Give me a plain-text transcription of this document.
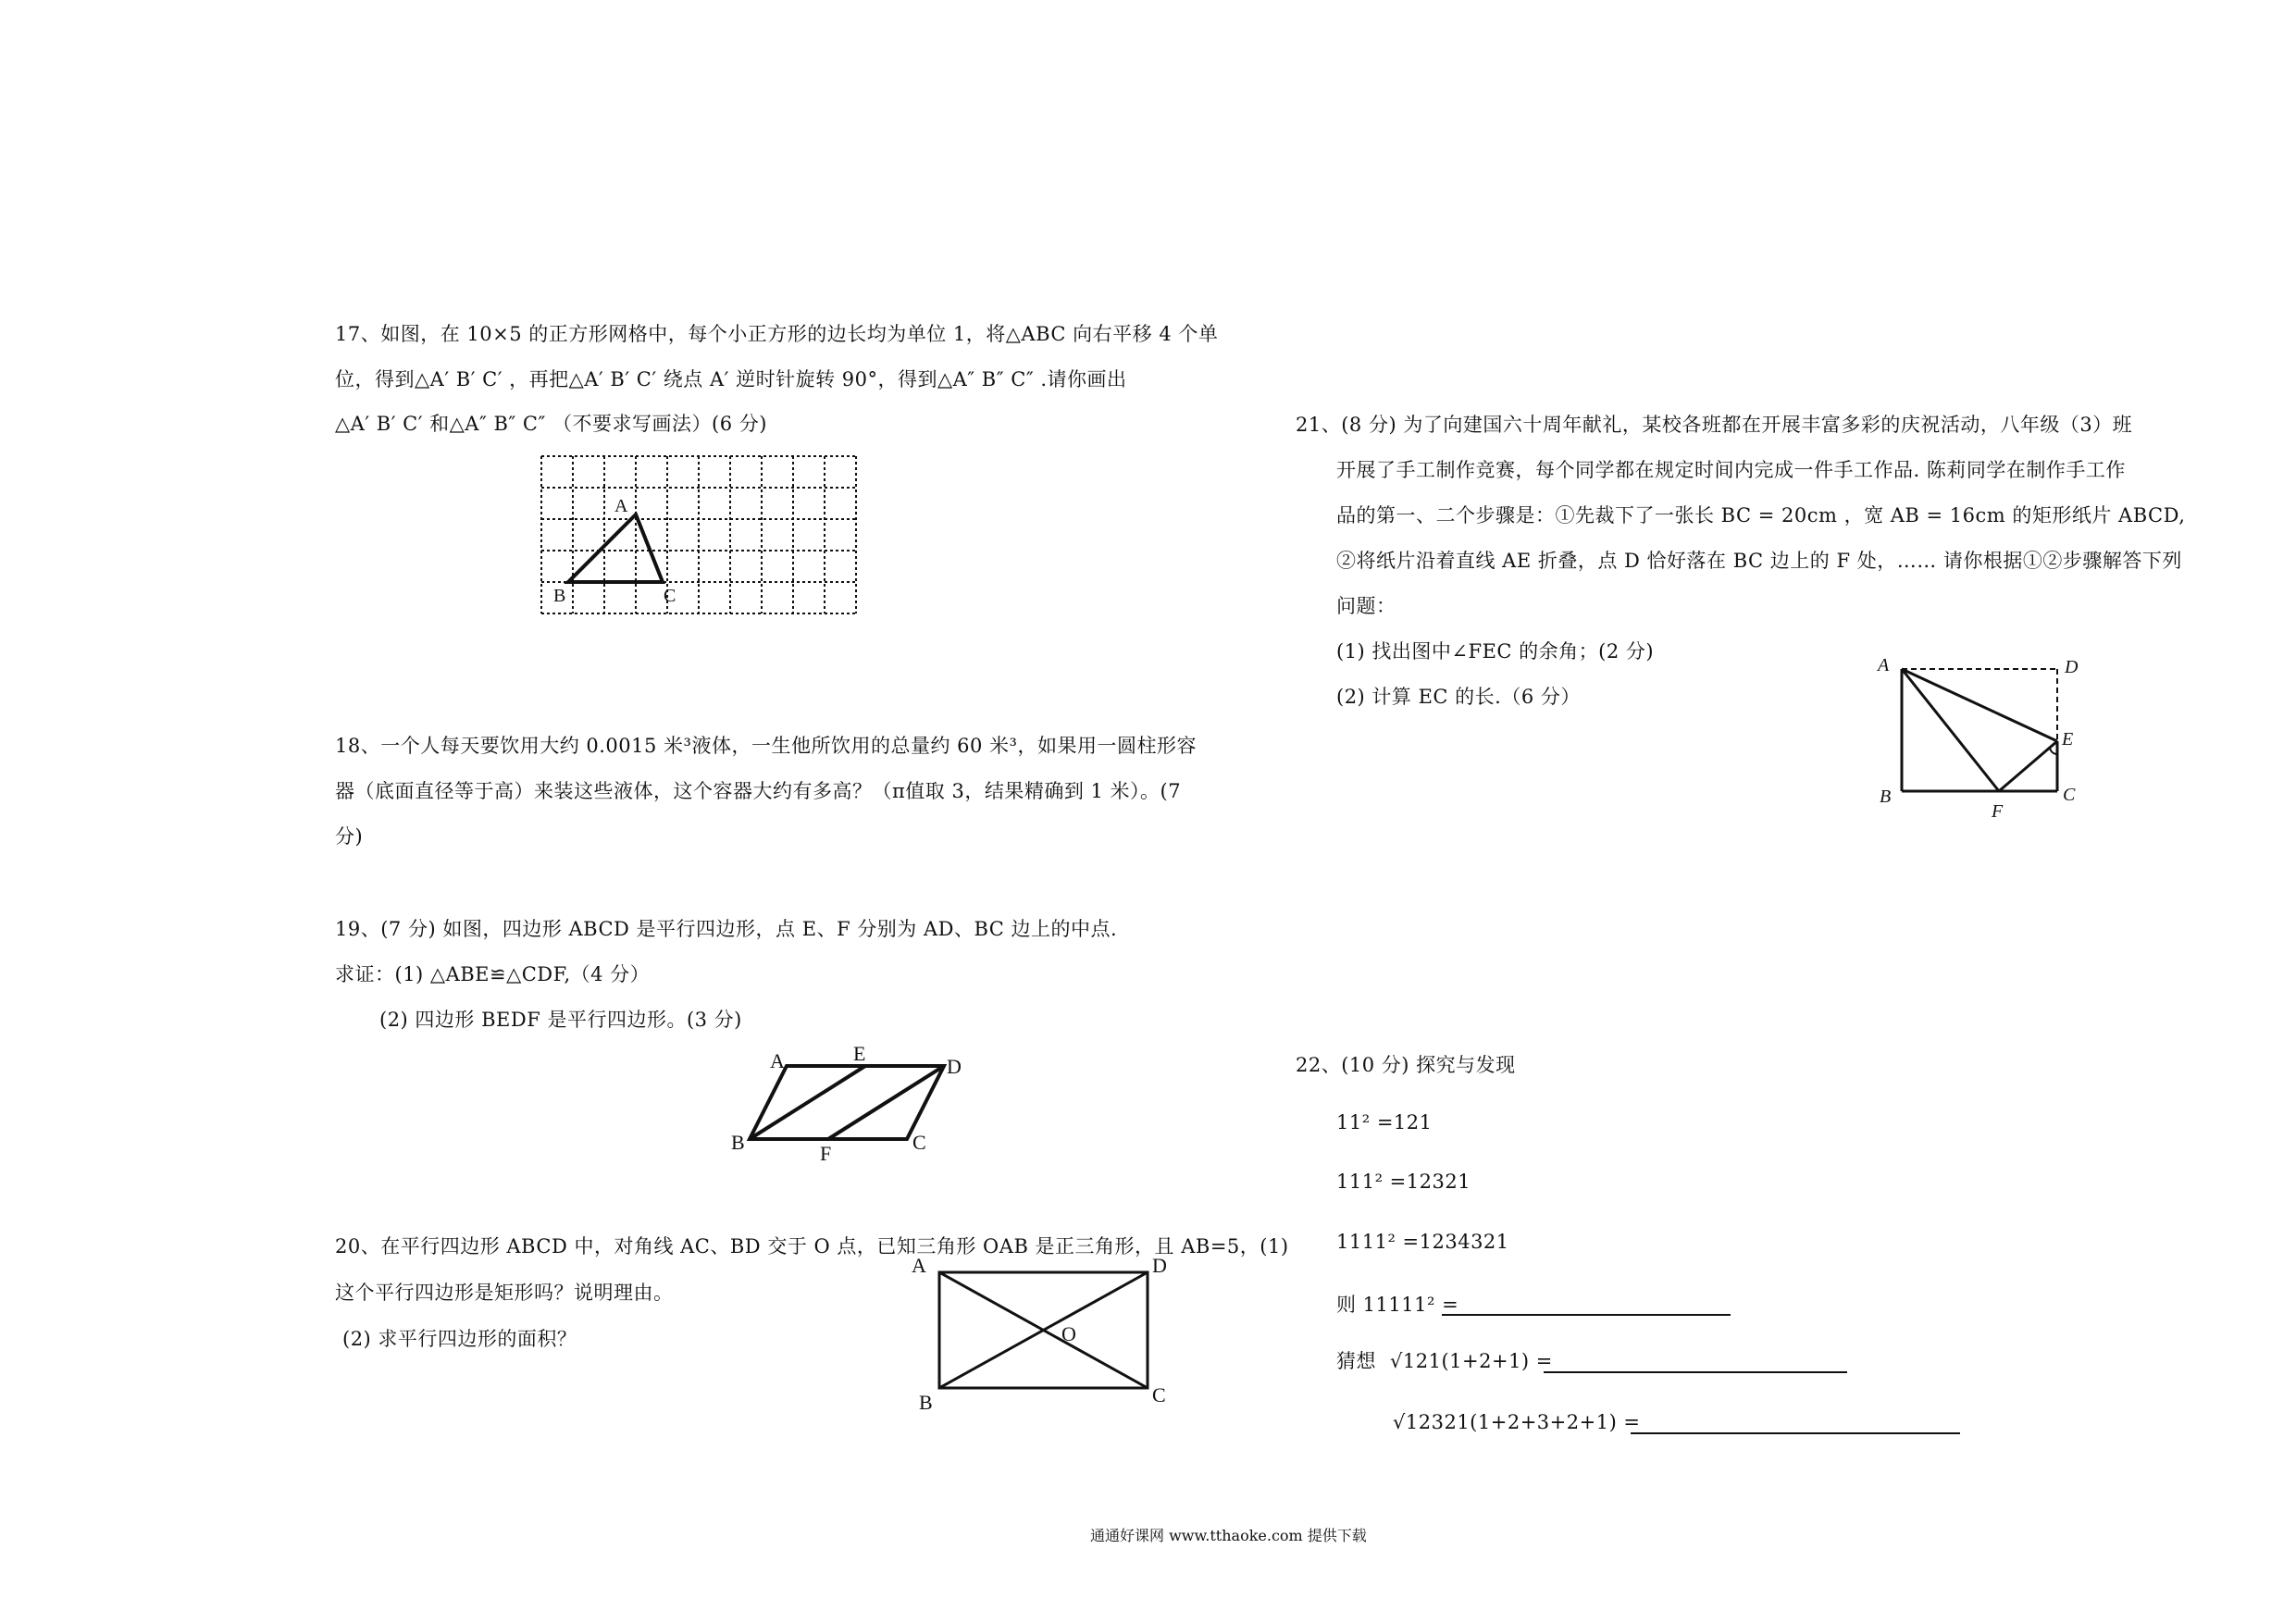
17、如图，在 10×5 的正方形网格中，每个小正方形的边长均为单位 1，将△ABC 向右平移 4 个单
位，得到△A′ B′ C′ ，再把△A′ B′ C′ 绕点 A′ 逆时针旋转 90°，得到△A″ B″ C″ .请你画出
△A′ B′ C′ 和△A″ B″ C″ （不要求写画法）(6 分)
A
B	C
18、一个人每天要饮用大约 0.0015 米³液体，一生他所饮用的总量约 60 米³，如果用一圆柱形容
器（底面直径等于高）来装这些液体，这个容器大约有多高？（π值取 3，结果精确到 1 米）。(7
分)
19、(7 分) 如图，四边形 ABCD 是平行四边形，点 E、F 分别为 AD、BC 边上的中点.
求证：(1) △ABE≌△CDF,（4 分）
(2) 四边形 BEDF 是平行四边形。(3 分)
A	E
D
B	F	C
20、在平行四边形 ABCD 中，对角线 AC、BD 交于 O 点，已知三角形 OAB 是正三角形，且 AB=5，(1)
这个平行四边形是矩形吗？说明理由。
(2) 求平行四边形的面积？
A	D
O
B	C
21、(8 分) 为了向建国六十周年献礼，某校各班都在开展丰富多彩的庆祝活动，八年级（3）班
开展了手工制作竞赛，每个同学都在规定时间内完成一件手工作品. 陈莉同学在制作手工作
品的第一、二个步骤是：①先裁下了一张长 BC = 20cm ，宽 AB = 16cm 的矩形纸片 ABCD,
②将纸片沿着直线 AE 折叠，点 D 恰好落在 BC 边上的 F 处，…… 请你根据①②步骤解答下列
问题：
(1) 找出图中∠FEC 的余角；(2 分)
(2) 计算 EC 的长.（6 分）
A	D
E
B
F
C
22、(10 分) 探究与发现
11² =121
111² =12321
1111² =1234321
则 11111² =
猜想 √121(1+2+1) =
√12321(1+2+3+2+1) =
通通好课网 www.tthaoke.com 提供下载
